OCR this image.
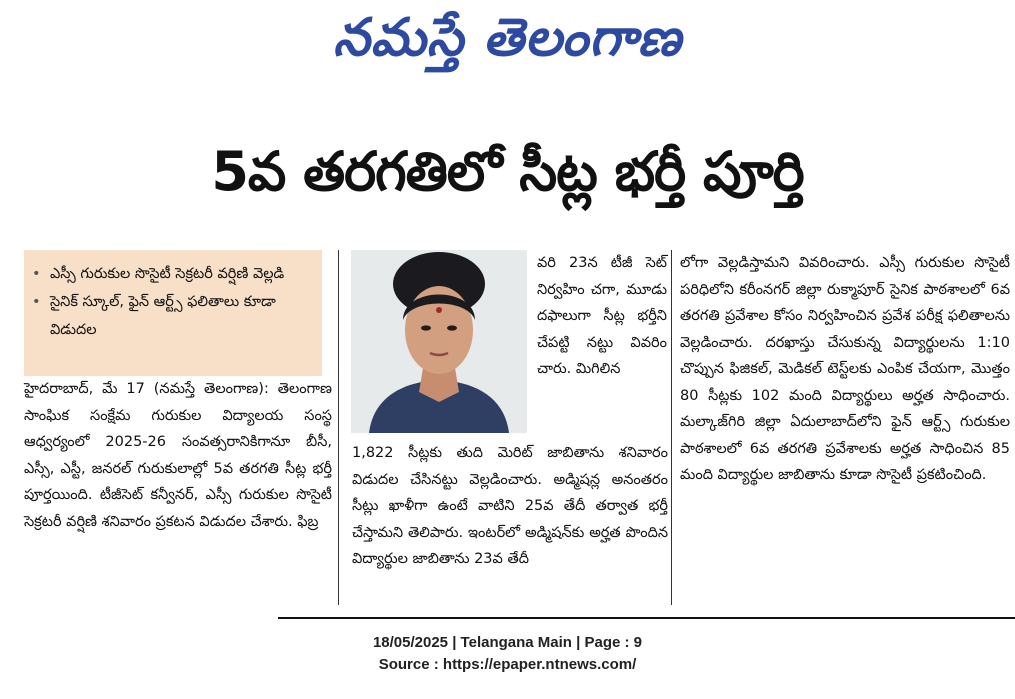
నమస్తే తెలంగాణ
5వ తరగతిలో సీట్ల భర్తీ పూర్తి
• ఎస్సీ గురుకుల సొసైటీ సెక్రటరీ వర్షిణి వెల్లడి
• సైనిక్ స్కూల్, ఫైన్ ఆర్ట్స్ ఫలితాలు కూడా విడుదల

హైదరాబాద్, మే 17 (నమస్తే తెలంగాణ): తెలంగాణ సాంఘిక సంక్షేమ గురుకుల విద్యాలయ సంస్థ ఆధ్వర్యంలో 2025-26 సంవత్సరానికిగానూ బీసీ, ఎస్సీ, ఎస్టీ, జనరల్ గురుకులాల్లో 5వ తరగతి సీట్ల భర్తీ పూర్తయింది. టీజీసెట్ కన్వీనర్, ఎస్సీ గురుకుల సొసైటీ సెక్రటరీ వర్షిణి శనివారం ప్రకటన విడుదల చేశారు. ఫిబ్ర

వరి 23న టీజీ సెట్ నిర్వహిం చగా, మూడు దఫాలుగా సీట్ల భర్తీని చేపట్టి నట్టు వివరిం చారు. మిగిలిన

1,822 సీట్లకు తుది మెరిట్ జాబితాను శనివారం విడుదల చేసినట్టు వెల్లడించారు. అడ్మిషన్ల అనంతరం సీట్లు ఖాళీగా ఉంటే వాటిని 25వ తేదీ తర్వాత భర్తీ చేస్తామని తెలిపారు. ఇంటర్‌లో అడ్మిషన్‌కు అర్హత పొందిన విద్యార్థుల జాబితాను 23వ తేదీ

లోగా వెల్లడిస్తామని వివరించారు. ఎస్సీ గురుకుల సొసైటీ పరిధిలోని కరీంనగర్ జిల్లా రుక్మాపూర్ సైనిక పాఠశాలలో 6వ తరగతి ప్రవేశాల కోసం నిర్వహించిన ప్రవేశ పరీక్ష ఫలితాలను వెల్లడించారు. దరఖాస్తు చేసుకున్న విద్యార్థులను 1:10 చొప్పున ఫిజికల్, మెడికల్ టెస్ట్‌లకు ఎంపిక చేయగా, మొత్తం 80 సీట్లకు 102 మంది విద్యార్థులు అర్హత సాధించారు. మల్కాజ్‌గిరి జిల్లా ఏదులాబాద్‌లోని ఫైన్ ఆర్ట్స్ గురుకుల పాఠశాలలో 6వ తరగతి ప్రవేశాలకు అర్హత సాధించిన 85 మంది విద్యార్థుల జాబితాను కూడా సొసైటీ ప్రకటించింది.

18/05/2025 | Telangana Main | Page : 9
Source : https://epaper.ntnews.com/
